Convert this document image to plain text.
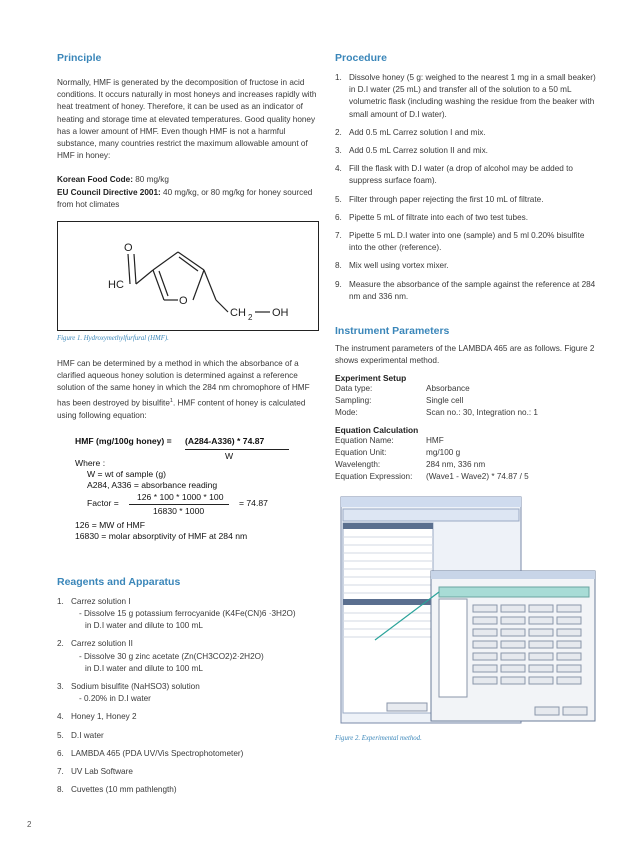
Principle

Normally, HMF is generated by the decomposition of fructose in acid conditions. It occurs naturally in most honeys and increases rapidly with heat treatment of honey. Therefore, it can be used as an indicator of heating and storage time at elevated temperatures. Good quality honey has a lower amount of HMF. Even though HMF is not a harmful substance, many countries restrict the maximum allowable amount of HMF in honey:

Korean Food Code: 80 mg/kg

EU Council Directive 2001: 40 mg/kg, or 80 mg/kg for honey sourced from hot climates

HC
O
O
CH 2 OH
Figure 1. Hydroxymethylfurfural (HMF).

HMF can be determined by a method in which the absorbance of a clarified aqueous honey solution is determined against a reference solution of the same honey in which the 284 nm chromophore of HMF has been destroyed by bisulfite$^1$. HMF content of honey is calculated using following equation:

HMF (mg/100g honey) = (A284-A336) * 74.87
W
Where :
W = wt of sample (g)
A284, A336 = absorbance reading
126 * 100 * 1000 * 100
Factor =	= 74.87
16830 * 1000
126 = MW of HMF
16830 = molar absorptivity of HMF at 284 nm
Reagents and Apparatus
1. Carrez solution I
- Dissolve 15 g potassium ferrocyanide (K4Fe(CN)6 ·3H2O)
in D.I water and dilute to 100 mL
2. Carrez solution II
- Dissolve 30 g zinc acetate (Zn(CH3CO2)2·2H2O)
in D.I water and dilute to 100 mL
3. Sodium bisulfite (NaHSO3) solution
- 0.20% in D.I water
4. Honey 1, Honey 2
5. D.I water
6. LAMBDA 465 (PDA UV/Vis Spectrophotometer)
7. UV Lab Software
8. Cuvettes (10 mm pathlength)
Procedure
1. Dissolve honey (5 g: weighed to the nearest 1 mg in a small beaker) in D.I water (25 mL) and transfer all of the solution to a 50 mL volumetric flask (including washing the residue from the beaker with small amount of D.I water).
2. Add 0.5 mL Carrez solution I and mix.
3. Add 0.5 mL Carrez solution II and mix.
4. Fill the flask with D.I water (a drop of alcohol may be added to suppress surface foam).
5. Filter through paper rejecting the first 10 mL of filtrate.
6. Pipette 5 mL of filtrate into each of two test tubes.
7. Pipette 5 mL D.I water into one (sample) and 5 ml 0.20% bisulfite into the other (reference).
8. Mix well using vortex mixer.
9. Measure the absorbance of the sample against the reference at 284 nm and 336 nm.
Instrument Parameters

The instrument parameters of the LAMBDA 465 are as follows. Figure 2 shows experimental method.

Experiment Setup
Data type:	Absorbance
Sampling:	Single cell
Mode:	Scan no.: 30, Integration no.: 1
Equation Calculation
Equation Name:	HMF
Equation Unit:	mg/100 g
Wavelength:	284 nm, 336 nm
Equation Expression:	(Wave1 - Wave2) * 74.87 / 5
Figure 2. Experimental method.
2
